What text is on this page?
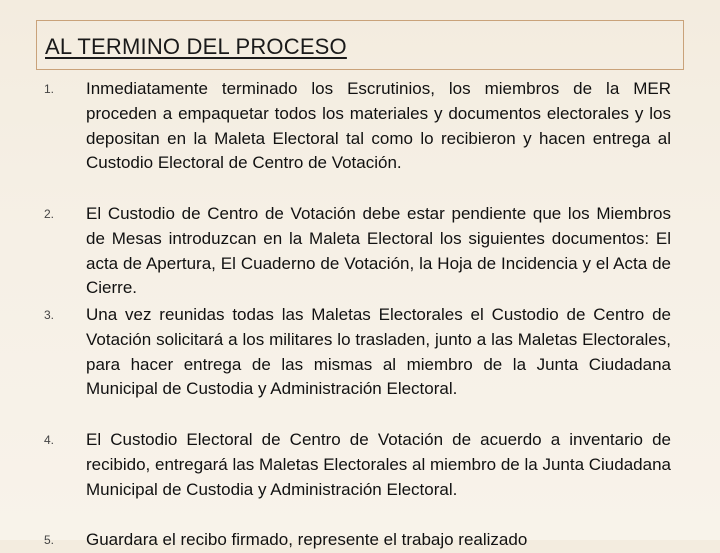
AL TERMINO DEL PROCESO
1. Inmediatamente terminado los Escrutinios, los miembros de la MER proceden a empaquetar todos los materiales y documentos electorales y los depositan en la Maleta Electoral tal como lo recibieron y hacen entrega al Custodio Electoral de Centro de Votación.
2. El Custodio de Centro de Votación debe estar pendiente que los Miembros de Mesas introduzcan en la Maleta Electoral los siguientes documentos: El acta de Apertura, El Cuaderno de Votación, la Hoja de Incidencia y el Acta de Cierre.
3. Una vez reunidas todas las Maletas Electorales el Custodio de Centro de Votación solicitará a los militares lo trasladen, junto a las Maletas Electorales, para hacer entrega de las mismas al miembro de la Junta Ciudadana Municipal de Custodia y Administración Electoral.
4. El Custodio Electoral de Centro de Votación de acuerdo a inventario de recibido, entregará las Maletas Electorales al miembro de la Junta Ciudadana Municipal de Custodia y Administración Electoral.
5. Guardara el recibo firmado, represente el trabajo realizado
